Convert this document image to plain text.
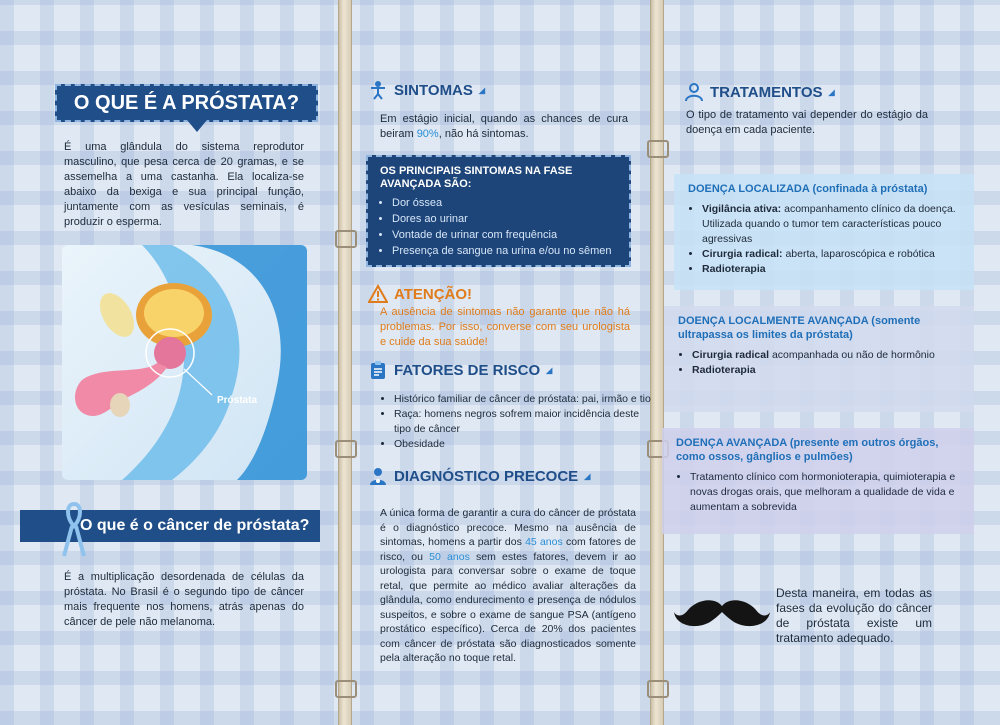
O QUE É A PRÓSTATA?
É uma glândula do sistema reprodutor masculino, que pesa cerca de 20 gramas, e se assemelha a uma castanha. Ela localiza-se abaixo da bexiga e sua principal função, juntamente com as vesículas seminais, é produzir o esperma.
Próstata
O que é o câncer de próstata?
É a multiplicação desordenada de células da próstata. No Brasil é o segundo tipo de câncer mais frequente nos homens, atrás apenas do câncer de pele não melanoma.
SINTOMAS ◢
Em estágio inicial, quando as chances de cura beiram 90%, não há sintomas.
OS PRINCIPAIS SINTOMAS NA FASE AVANÇADA SÃO:
• Dor óssea
• Dores ao urinar
• Vontade de urinar com frequência
• Presença de sangue na urina e/ou no sêmen
ATENÇÃO!
A ausência de sintomas não garante que não há problemas. Por isso, converse com seu urologista e cuide da sua saúde!
FATORES DE RISCO ◢
• Histórico familiar de câncer de próstata: pai, irmão e tio
• Raça: homens negros sofrem maior incidência deste tipo de câncer
• Obesidade
DIAGNÓSTICO PRECOCE ◢
A única forma de garantir a cura do câncer de próstata é o diagnóstico precoce. Mesmo na ausência de sintomas, homens a partir dos 45 anos com fatores de risco, ou 50 anos sem estes fatores, devem ir ao urologista para conversar sobre o exame de toque retal, que permite ao médico avaliar alterações da glândula, como endurecimento e presença de nódulos suspeitos, e sobre o exame de sangue PSA (antígeno prostático específico). Cerca de 20% dos pacientes com câncer de próstata são diagnosticados somente pela alteração no toque retal.
TRATAMENTOS ◢
O tipo de tratamento vai depender do estágio da doença em cada paciente.
DOENÇA LOCALIZADA (confinada à próstata)
• Vigilância ativa: acompanhamento clínico da doença. Utilizada quando o tumor tem características pouco agressivas
• Cirurgia radical: aberta, laparoscópica e robótica
• Radioterapia
DOENÇA LOCALMENTE AVANÇADA (somente ultrapassa os limites da próstata)
• Cirurgia radical acompanhada ou não de hormônio
• Radioterapia
DOENÇA AVANÇADA (presente em outros órgãos, como ossos, gânglios e pulmões)
• Tratamento clínico com hormonioterapia, quimioterapia e novas drogas orais, que melhoram a qualidade de vida e aumentam a sobrevida
Desta maneira, em todas as fases da evolução do câncer de próstata existe um tratamento adequado.
